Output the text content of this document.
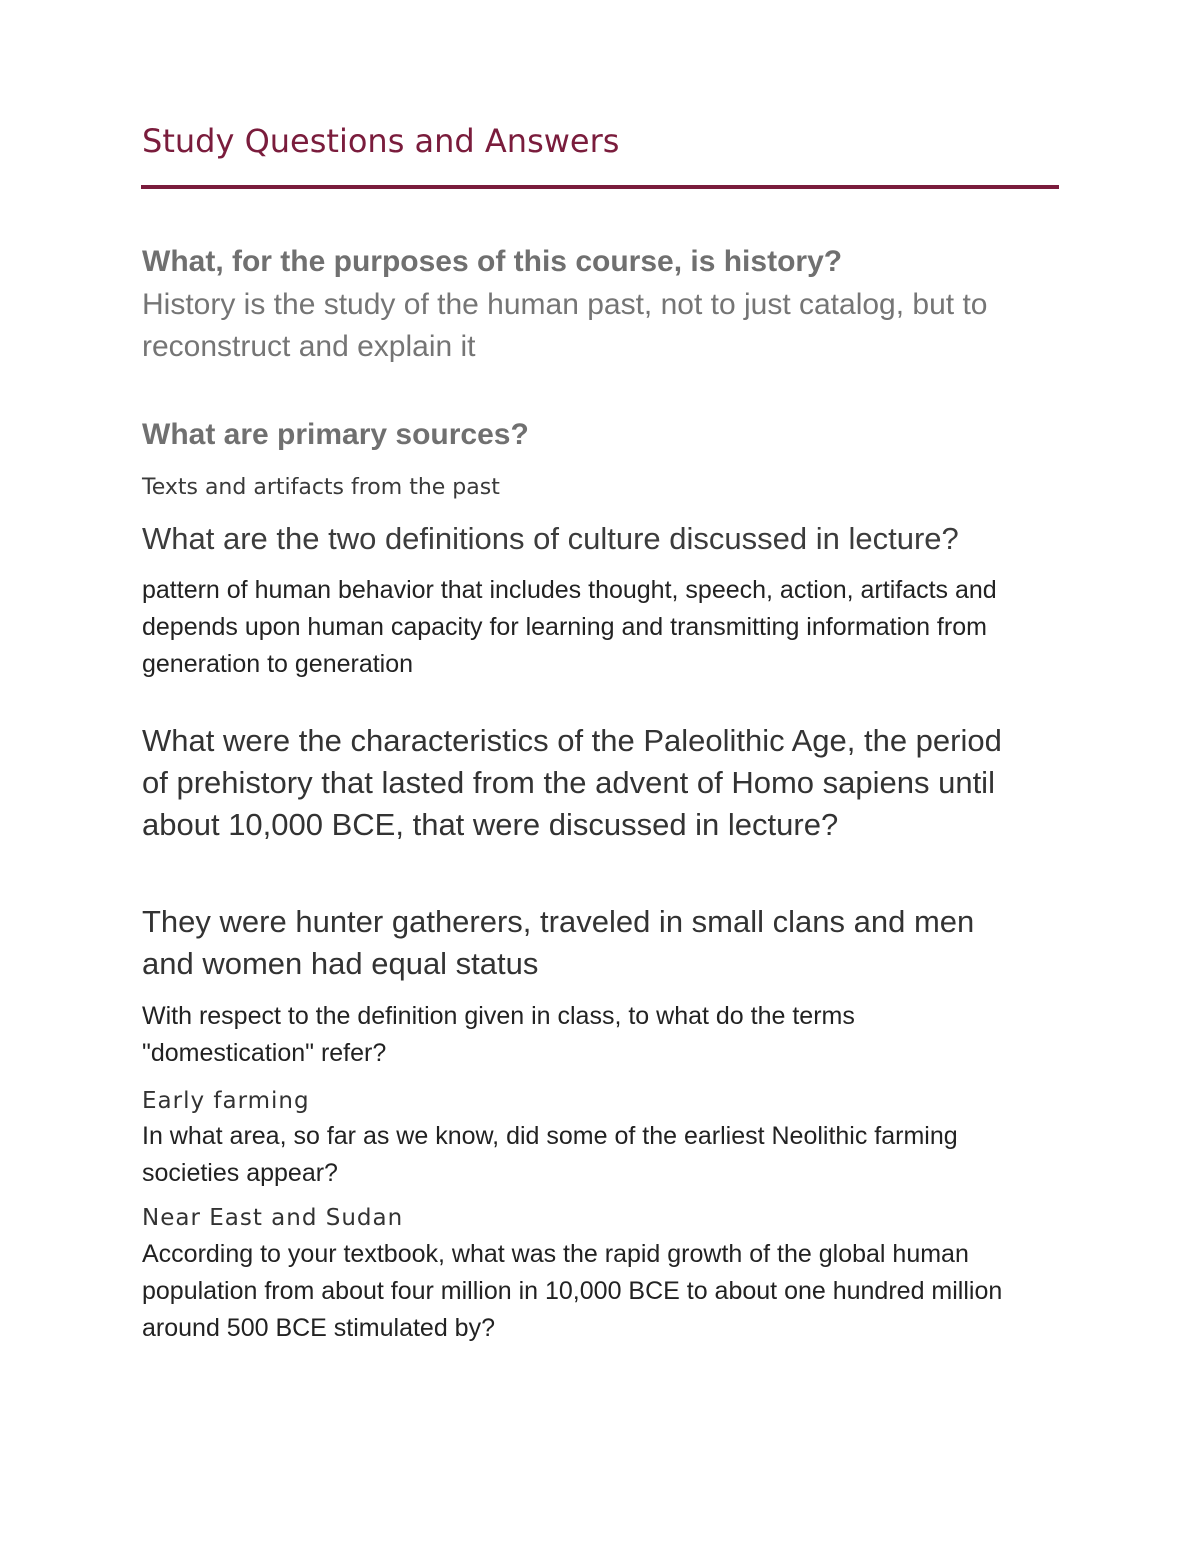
Study Questions and Answers

What, for the purposes of this course, is history?

History is the study of the human past, not to just catalog, but to reconstruct and explain it

What are primary sources?

Texts and artifacts from the past

What are the two definitions of culture discussed in lecture?

pattern of human behavior that includes thought, speech, action, artifacts and depends upon human capacity for learning and transmitting information from generation to generation

What were the characteristics of the Paleolithic Age, the period of prehistory that lasted from the advent of Homo sapiens until about 10,000 BCE, that were discussed in lecture?

They were hunter gatherers, traveled in small clans and men and women had equal status

With respect to the definition given in class, to what do the terms "domestication" refer?

Early farming

In what area, so far as we know, did some of the earliest Neolithic farming societies appear?

Near East and Sudan

According to your textbook, what was the rapid growth of the global human population from about four million in 10,000 BCE to about one hundred million around 500 BCE stimulated by?
